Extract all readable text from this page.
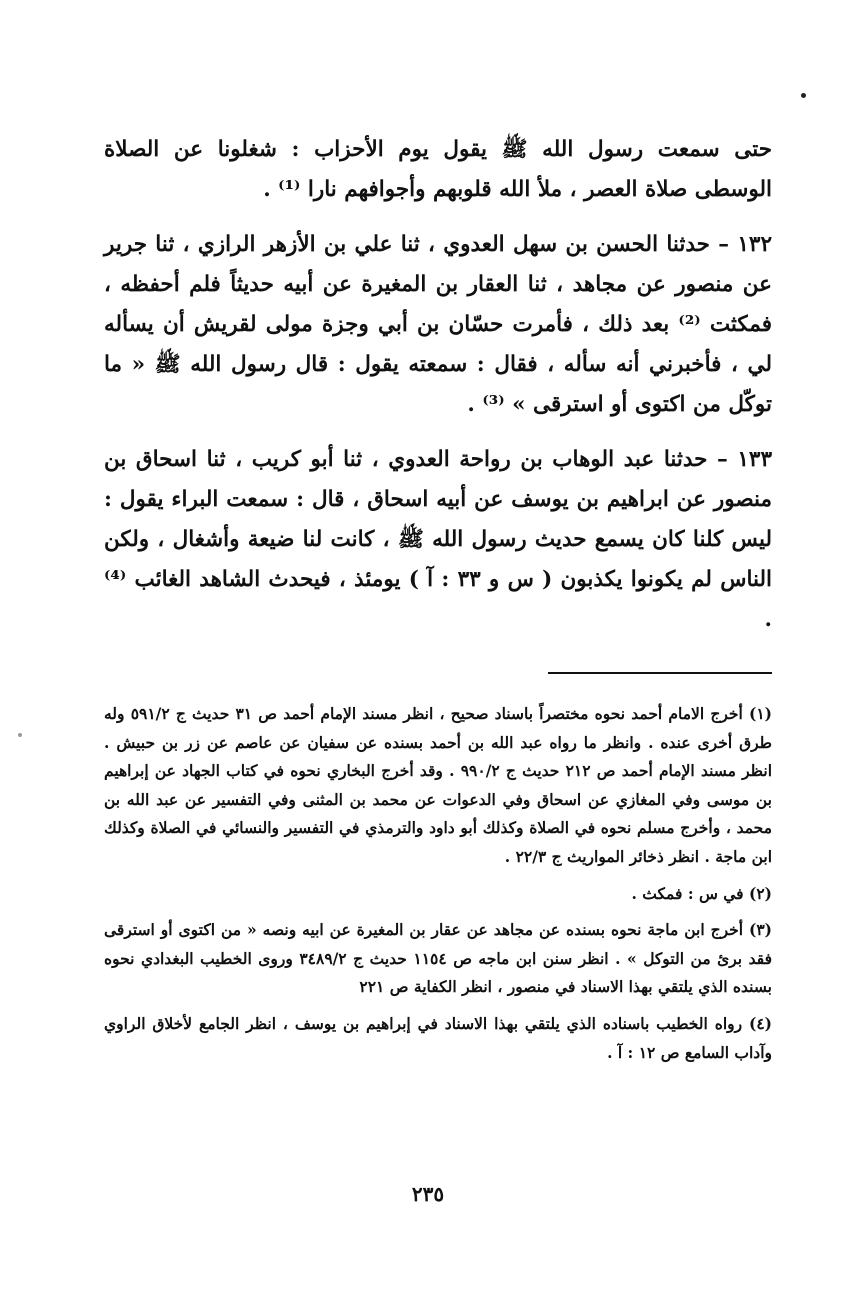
حتى سمعت رسول الله ﷺ يقول يوم الأحزاب : شغلونا عن الصلاة الوسطى صلاة العصر ، ملأ الله قلوبهم وأجوافهم نارا ⁽¹⁾ .

١٣٢ – حدثنا الحسن بن سهل العدوي ، ثنا علي بن الأزهر الرازي ، ثنا جرير عن منصور عن مجاهد ، ثنا العقار بن المغيرة عن أبيه حديثاً فلم أحفظه ، فمكثت ⁽²⁾ بعد ذلك ، فأمرت حسّان بن أبي وجزة مولى لقريش أن يسأله لي ، فأخبرني أنه سأله ، فقال : سمعته يقول : قال رسول الله ﷺ « ما توكّل من اكتوى أو استرقى » ⁽³⁾ .

١٣٣ – حدثنا عبد الوهاب بن رواحة العدوي ، ثنا أبو كريب ، ثنا اسحاق بن منصور عن ابراهيم بن يوسف عن أبيه اسحاق ، قال : سمعت البراء يقول : ليس كلنا كان يسمع حديث رسول الله ﷺ ، كانت لنا ضيعة وأشغال ، ولكن الناس لم يكونوا يكذبون ( س و ٣٣ : آ ) يومئذ ، فيحدث الشاهد الغائب ⁽⁴⁾ .

(١) أخرج الامام أحمد نحوه مختصراً باسناد صحيح ، انظر مسند الإمام أحمد ص ٣١ حديث ج ٥٩١/٢ وله طرق أخرى عنده . وانظر ما رواه عبد الله بن أحمد بسنده عن سفيان عن عاصم عن زر بن حبيش . انظر مسند الإمام أحمد ص ٢١٢ حديث ج ٩٩٠/٢ . وقد أخرج البخاري نحوه في كتاب الجهاد عن إبراهيم بن موسى وفي المغازي عن اسحاق وفي الدعوات عن محمد بن المثنى وفي التفسير عن عبد الله بن محمد ، وأخرج مسلم نحوه في الصلاة وكذلك أبو داود والترمذي في التفسير والنسائي في الصلاة وكذلك ابن ماجة . انظر ذخائر المواريث ج ٢٢/٣ .

(٢) في س : فمكث .

(٣) أخرج ابن ماجة نحوه بسنده عن مجاهد عن عقار بن المغيرة عن ابيه ونصه « من اكتوى أو استرقى فقد برئ من التوكل » . انظر سنن ابن ماجه ص ١١٥٤ حديث ج ٣٤٨٩/٢ وروى الخطيب البغدادي نحوه بسنده الذي يلتقي بهذا الاسناد في منصور ، انظر الكفاية ص ٢٢١

(٤) رواه الخطيب باسناده الذي يلتقي بهذا الاسناد في إبراهيم بن يوسف ، انظر الجامع لأخلاق الراوي وآداب السامع ص ١٢ : آ .

٢٣٥
